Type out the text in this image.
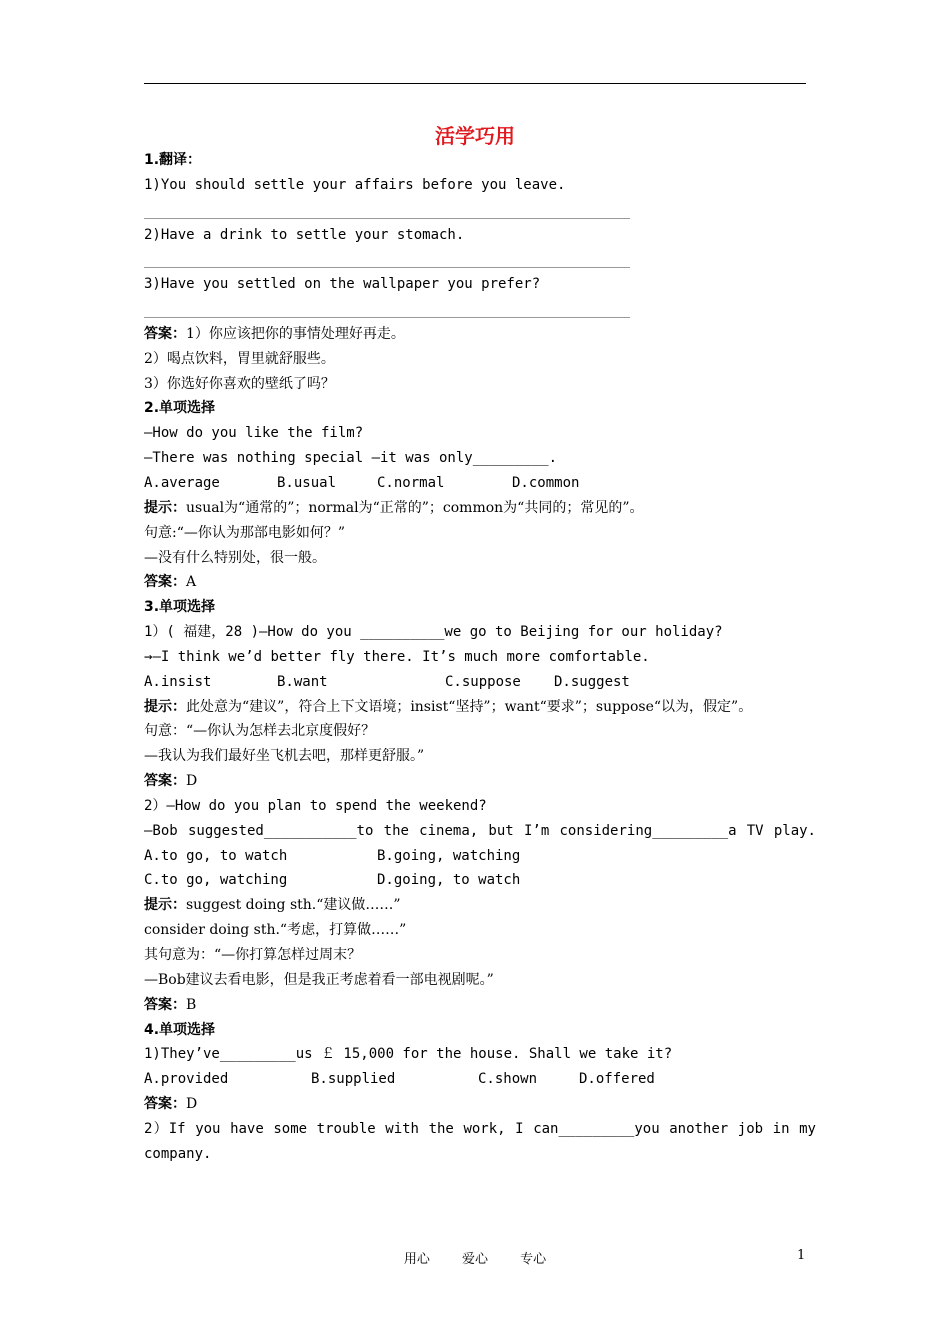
活学巧用
1.翻译：
1)You should settle your affairs before you leave.
2)Have a drink to settle your stomach.
3)Have you settled on the wallpaper you prefer?
答案：1）你应该把你的事情处理好再走。
2）喝点饮料，胃里就舒服些。
3）你选好你喜欢的壁纸了吗？
2.单项选择
—How do you like the film?
—There was nothing special —it was only_________.

A.average

	B.usual

	C.normal

	D.common

提示：usual为“通常的”；normal为“正常的”；common为“共同的；常见的”。
句意:“—你认为那部电影如何？”
—没有什么特别处，很一般。
答案：A
3.单项选择
1）( 福建，28 )—How do you __________we go to Beijing for our holiday?
→—I think we’d better fly there. It’s much more comfortable.

A.insist

	B.want

	C.suppose

D.suggest

提示：此处意为“建议”，符合上下文语境；insist“坚持”；want“要求”；suppose“以为，假定”。
句意：“—你认为怎样去北京度假好？
—我认为我们最好坐飞机去吧，那样更舒服。”
答案：D
2）—How do you plan to spend the weekend?
—Bob suggested___________to the cinema, but I’m considering_________a TV play.

A.to go, to watch

	B.going, watching

C.to go, watching

	D.going, to watch

提示：suggest doing sth.“建议做……”
consider doing sth.“考虑，打算做……”
其句意为：“—你打算怎样过周末？
—Bob建议去看电影，但是我正考虑着看一部电视剧呢。”
答案：B
4.单项选择
1)They’ve_________us ￡ 15,000 for the house. Shall we take it?

A.provided

	B.supplied

	C.shown

	D.offered

答案：D
2）If you have some trouble with the work, I can_________you another job in my company.
用心 爱心 专心	1
